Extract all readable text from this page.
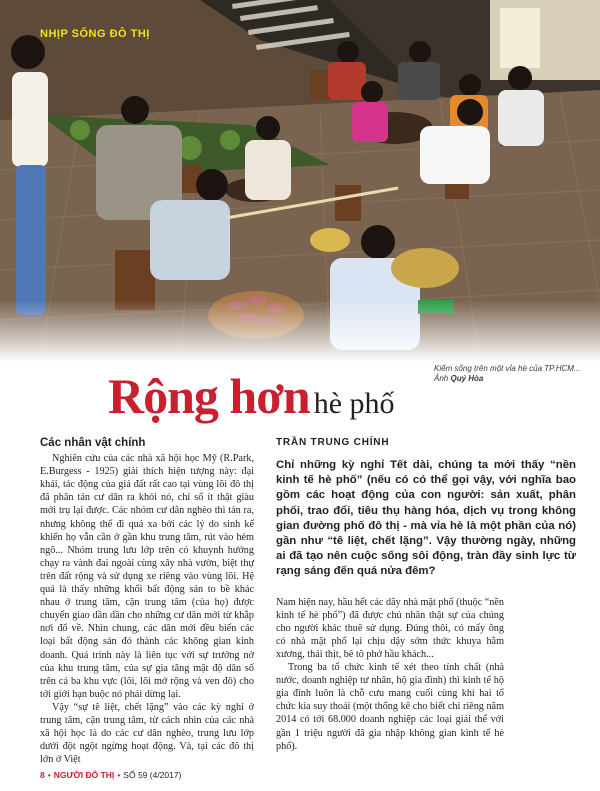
NHỊP SỐNG ĐÔ THỊ
Kiếm sống trên một vỉa hè của TP.HCM... Ảnh Quý Hòa
Rộng hơn hè phố
Các nhân vật chính

Nghiên cứu của các nhà xã hội học Mỹ (R.Park, E.Burgess - 1925) giải thích hiện tượng này: đại khái, tác động của giá đất rất cao tại vùng lõi đô thị đã phân tán cư dân ra khỏi nó, chỉ số ít thật giàu mới trụ lại được. Các nhóm cư dân nghèo thì tản ra, nhưng không thể đi quá xa bởi các lý do sinh kế khiến họ vẫn cần ở gần khu trung tâm, rút vào hẻm ngõ... Nhóm trung lưu lớp trên có khuynh hướng chạy ra vành đai ngoài cùng xây nhà vườn, biệt thự trên đất rộng và sử dụng xe riêng vào vùng lõi. Hệ quả là thấy những khối bất động sản to bề khác nhau ở trung tâm, cận trung tâm (của họ) được chuyển giao dần dần cho những cư dân mới từ khắp nơi đổ về. Nhìn chung, các dân mới đều biến các loại bất động sản đó thành các không gian kinh doanh. Quá trình này là liên tục với sự trưởng nở của khu trung tâm, của sự gia tăng mật độ dân số trên cả ba khu vực (lõi, lõi mở rộng và ven đô) cho tới giới hạn buộc nó phải dừng lại.

Vậy “sự tê liệt, chết lặng” vào các kỳ nghỉ ở trung tâm, cận trung tâm, từ cách nhìn của các nhà xã hội học là do các cư dân nghèo, trung lưu lớp dưới đột ngột ngừng hoạt động. Và, tại các đô thị lớn ở Việt

TRẦN TRUNG CHÍNH
Chỉ những kỳ nghỉ Tết dài, chúng ta mới thấy “nền kinh tế hè phố” (nếu có có thể gọi vậy, với nghĩa bao gồm các hoạt động của con người: sản xuất, phân phối, trao đổi, tiêu thụ hàng hóa, dịch vụ trong không gian đường phố đô thị - mà vỉa hè là một phần của nó) gần như “tê liệt, chết lặng”. Vậy thường ngày, những ai đã tạo nên cuộc sống sôi động, tràn đầy sinh lực từ rạng sáng đến quá nửa đêm?

Nam hiện nay, hầu hết các dãy nhà mặt phố (thuộc “nền kinh tế hè phố”) đã được chủ nhân thật sự của chúng cho người khác thuê sử dụng. Đúng thôi, có mấy ông có nhà mặt phố lại chịu dậy sớm thức khuya hằm xương, thái thịt, bê tô phở hầu khách...

Trong ba tổ chức kinh tế xét theo tính chất (nhà nước, doanh nghiệp tư nhân, hộ gia đình) thì kinh tế hộ gia đình luôn là chỗ cưu mang cuối cùng khi hai tổ chức kia suy thoái (một thống kê cho biết chỉ riêng năm 2014 có tới 68.000 doanh nghiệp các loại giải thể với gần 1 triệu người đã gia nhập không gian kinh tế hè phố).

8 • NGƯỜI ĐÔ THỊ • SỐ 59 (4/2017)
